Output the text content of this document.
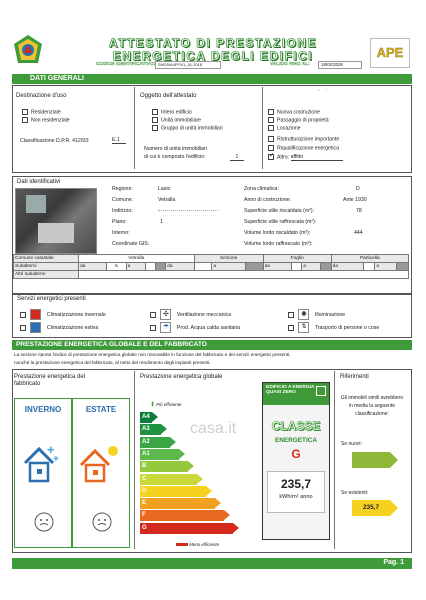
ATTESTATO DI PRESTAZIONE
ENERGETICA DEGLI EDIFICI
CODICE IDENTIFICATIVO: SHG5/A4FF0/1_01.2016	VALIDO FINO AL:	18/02/2026
APE
DATI GENERALI
Destinazione d'uso
Residenziale
Non residenziale
Classificazione D.P.R. 412/93:	E.1
Oggetto dell'attestato
Intero edificio
Unità immobiliare
Gruppo di unità immobiliari
Numero di unità immobiliari
di cui è composto l'edificio:	1
˚   ´
Nuova costruzione
Passaggio di proprietà
Locazione
Ristrutturazione importante
Riqualificazione energetica
✓ Altro: affitto
Dati identificativi
Regione:	Lazio
Comune:	Vetralla
Indirizzo:
Piano:	1
Interno:
Coordinate GIS:
Zona climatica:	D
Anno di costruzione:	Ante 1930
Superficie utile riscaldata (m²):	78
Superficie utile raffrescata (m²):
Volume lordo riscaldato (m³):	444
Volume lordo raffrescato (m³):
Comune catastale	Vetralla						Sezione			Foglio				Particella			
Subalterni	da	5	a			da		a		da		a		da		a	
Altri subalterni																	
Servizi energetici presenti
Climatizzazione invernale
Climatizzazione estiva
✣ Ventilazione meccanica
☂ Prod. Acqua calda sanitaria
✺ Illuminazione
⇅ Trasporto di persone o cose
PRESTAZIONE ENERGETICA GLOBALE E DEL FABBRICATO
La sezione riporta l'indice di prestazione energetica globale non rinnovabile in funzione del fabbricato e dei servizi energetici presenti,
nonché la prestazione energetica del fabbricato, al netto del rendimento degli impianti presenti.
Prestazione energetica del
fabbricato
INVERNO
✚
✚
ESTATE
Prestazione energetica globale
⬆ Più efficiente
A4
A3
A2
A1
B
C
D
E
F
G
Meno efficiente
casa.it
EDIFICIO A ENERGIA QUASI ZERO
CLASSE
ENERGETICA
G
235,7
kWh/m² anno
Riferimenti
Gli immobili simili avrebbero in media la seguente classificazione:
Se nuovi:
Se esistenti:
235,7
Pag. 1
